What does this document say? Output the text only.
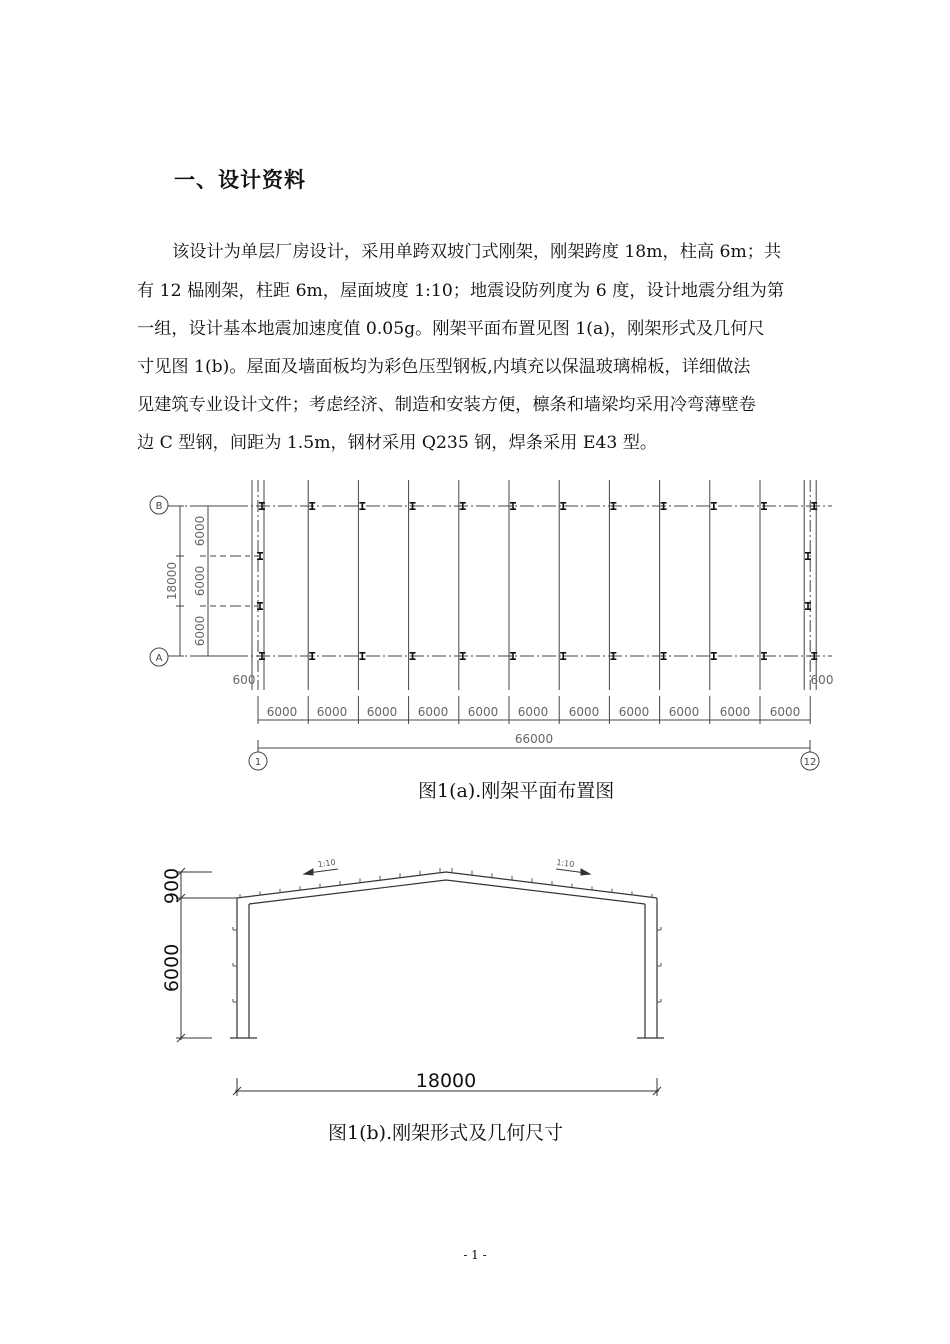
一、设计资料
该设计为单层厂房设计，采用单跨双坡门式刚架，刚架跨度 18m，柱高 6m；共
有 12 榀刚架，柱距 6m，屋面坡度 1:10；地震设防列度为 6 度，设计地震分组为第
一组，设计基本地震加速度值 0.05g。刚架平面布置见图 1(a)，刚架形式及几何尺
寸见图 1(b)。屋面及墙面板均为彩色压型钢板,内填充以保温玻璃棉板，详细做法
见建筑专业设计文件；考虑经济、制造和安装方便，檩条和墙梁均采用冷弯薄壁卷
边 C 型钢，间距为 1.5m，钢材采用 Q235 钢，焊条采用 E43 型。
B
A
1	12
6000
6000
6000
18000
600	600
6000 6000 6000 6000 6000 6000 6000 6000 6000 6000 6000
66000
图1(a).刚架平面布置图
1:10	1:10
900
6000
18000
图1(b).刚架形式及几何尺寸
- 1 -
